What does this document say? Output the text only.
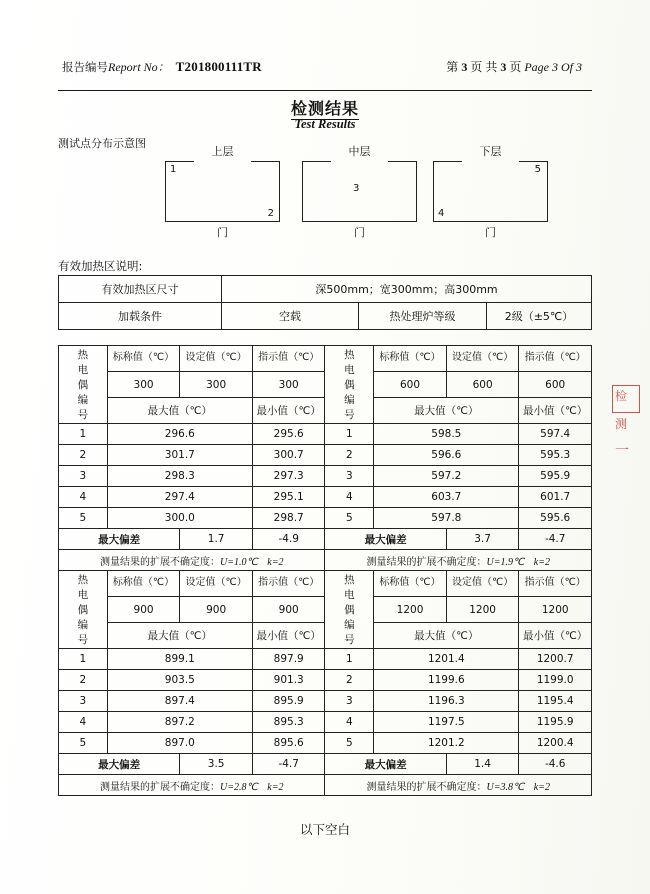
报告编号Report No： T201800111TR	第 3 页 共 3 页 Page 3 Of 3
检测结果
Test Results
测试点分布示意图
上层
1
2
门
中层
3
门
下层
5
4
门
有效加热区说明:
有效加热区尺寸	深500mm；宽300mm；高300mm		
加载条件	空载	热处理炉等级	2级（±5℃）
热
电
偶
编
号
	标称值（℃）	设定值（℃）	指示值（℃）	热
电
偶
编
号
	标称值（℃）	设定值（℃）	指示值（℃）
	300	300	300		600	600	600
	最大值（℃）		最小值（℃）		最大值（℃）		最小值（℃）
1	296.6		295.6	1	598.5		597.4
2	301.7		300.7	2	596.6		595.3
3	298.3		297.3	3	597.2		595.9
4	297.4		295.1	4	603.7		601.7
5	300.0		298.7	5	597.8		595.6
最大偏差		1.7	-4.9	最大偏差		3.7	-4.7
测量结果的扩展不确定度：U=1.0℃ k=2				测量结果的扩展不确定度：U=1.9℃ k=2			
热
电
偶
编
号
	标称值（℃）	设定值（℃）	指示值（℃）	热
电
偶
编
号
	标称值（℃）	设定值（℃）	指示值（℃）
	900	900	900		1200	1200	1200
	最大值（℃）		最小值（℃）		最大值（℃）		最小值（℃）
1	899.1		897.9	1	1201.4		1200.7
2	903.5		901.3	2	1199.6		1199.0
3	897.4		895.9	3	1196.3		1195.4
4	897.2		895.3	4	1197.5		1195.9
5	897.0		895.6	5	1201.2		1200.4
最大偏差		3.5	-4.7	最大偏差		1.4	-4.6
测量结果的扩展不确定度：U=2.8℃ k=2				测量结果的扩展不确定度：U=3.8℃ k=2			
以下空白
检
测
一
